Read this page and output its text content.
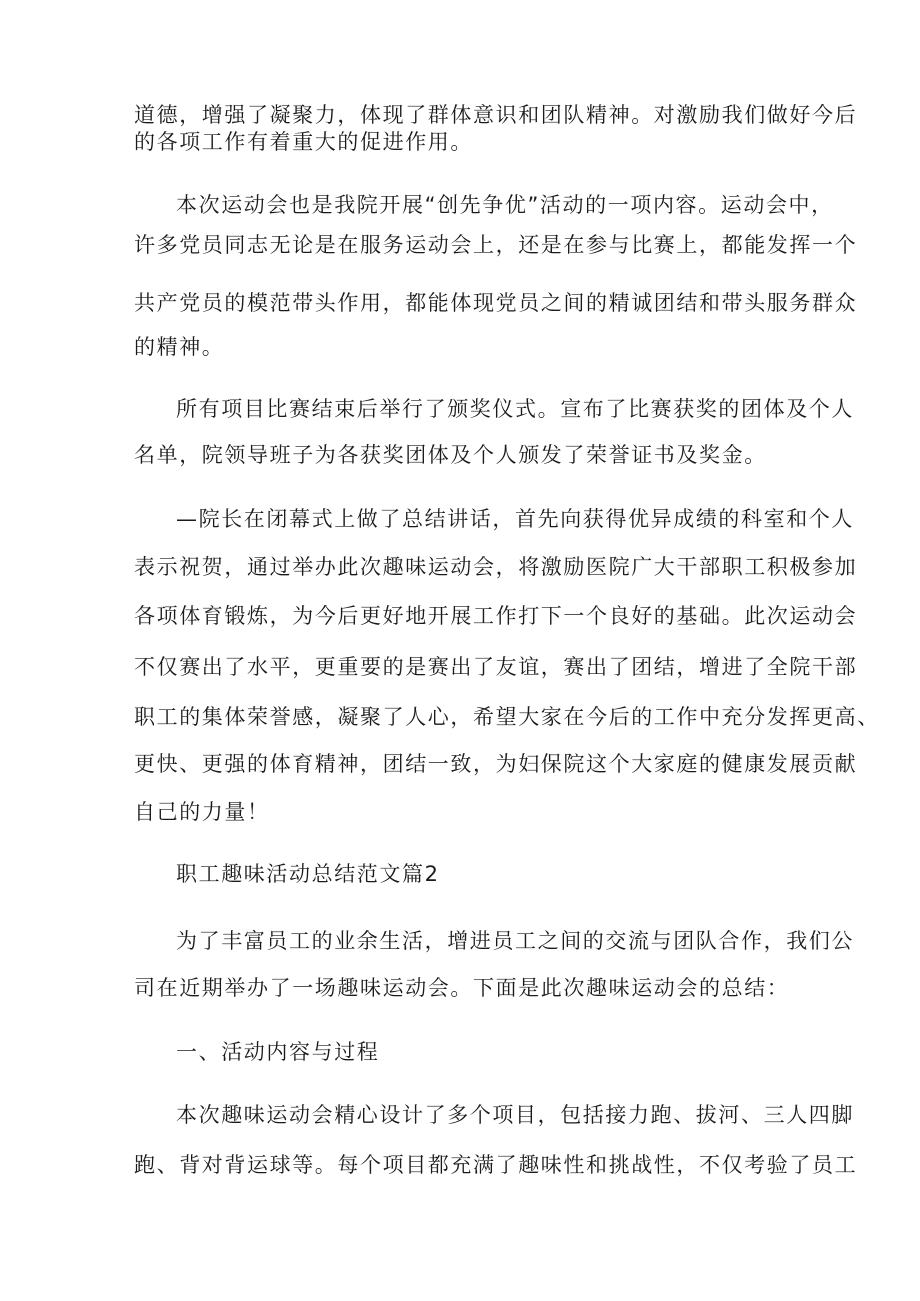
道德，增强了凝聚力，体现了群体意识和团队精神。对激励我们做好今后
的各项工作有着重大的促进作用。
本次运动会也是我院开展“创先争优”活动的一项内容。运动会中，
许多党员同志无论是在服务运动会上，还是在参与比赛上，都能发挥一个
共产党员的模范带头作用，都能体现党员之间的精诚团结和带头服务群众
的精神。
所有项目比赛结束后举行了颁奖仪式。宣布了比赛获奖的团体及个人
名单，院领导班子为各获奖团体及个人颁发了荣誉证书及奖金。
—院长在闭幕式上做了总结讲话，首先向获得优异成绩的科室和个人
表示祝贺，通过举办此次趣味运动会，将激励医院广大干部职工积极参加
各项体育锻炼，为今后更好地开展工作打下一个良好的基础。此次运动会
不仅赛出了水平，更重要的是赛出了友谊，赛出了团结，增进了全院干部
职工的集体荣誉感，凝聚了人心，希望大家在今后的工作中充分发挥更高、
更快、更强的体育精神，团结一致，为妇保院这个大家庭的健康发展贡献
自己的力量！
职工趣味活动总结范文篇2
为了丰富员工的业余生活，增进员工之间的交流与团队合作，我们公
司在近期举办了一场趣味运动会。下面是此次趣味运动会的总结：
一、活动内容与过程
本次趣味运动会精心设计了多个项目，包括接力跑、拔河、三人四脚
跑、背对背运球等。每个项目都充满了趣味性和挑战性，不仅考验了员工
